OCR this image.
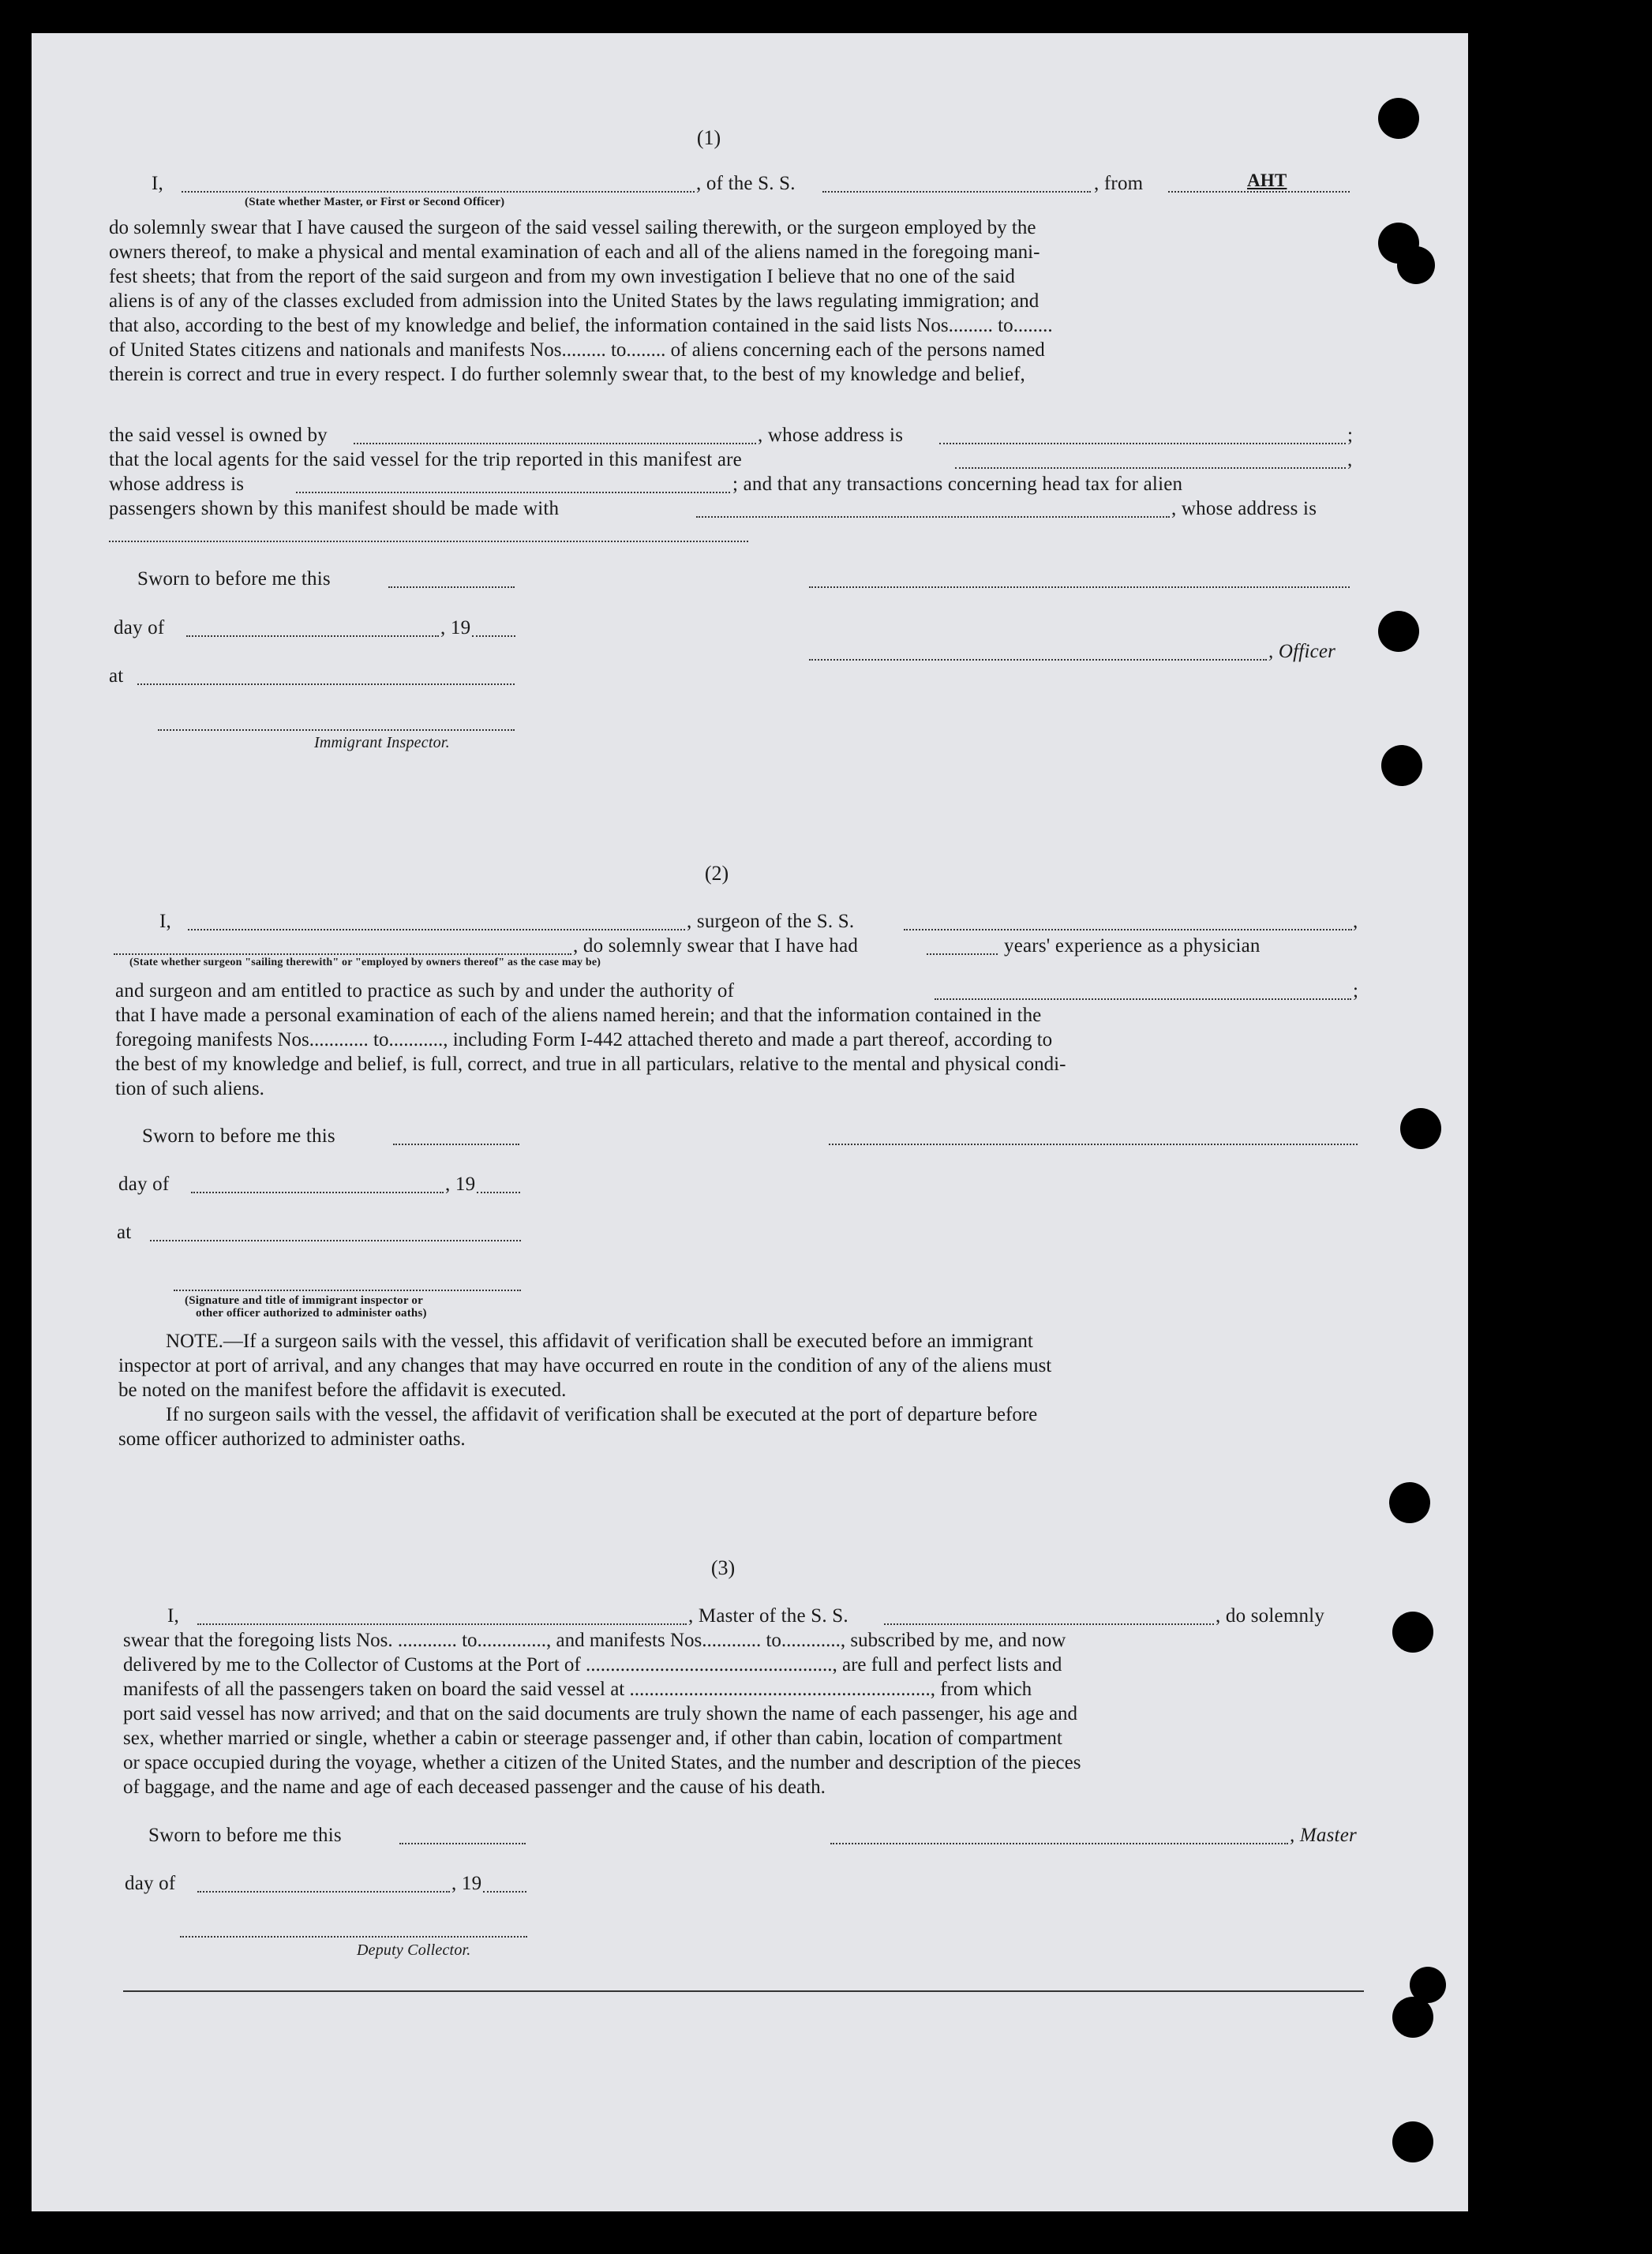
(1)
I,	, of the S. S.	, from	AHT
(State whether Master, or First or Second Officer)
do solemnly swear that I have caused the surgeon of the said vessel sailing therewith, or the surgeon employed by the
owners thereof, to make a physical and mental examination of each and all of the aliens named in the foregoing mani-
fest sheets; that from the report of the said surgeon and from my own investigation I believe that no one of the said
aliens is of any of the classes excluded from admission into the United States by the laws regulating immigration; and
that also, according to the best of my knowledge and belief, the information contained in the said lists Nos......... to........
of United States citizens and nationals and manifests Nos......... to........ of aliens concerning each of the persons named
therein is correct and true in every respect. I do further solemnly swear that, to the best of my knowledge and belief,
the said vessel is owned by	, whose address is	;
that the local agents for the said vessel for the trip reported in this manifest are	,
whose address is	; and that any transactions concerning head tax for alien
passengers shown by this manifest should be made with	, whose address is
Sworn to before me this
day of	, 19
, Officer
at
Immigrant Inspector.
(2)
I,	, surgeon of the S. S.	,
, do solemnly swear that I have had	years' experience as a physician
(State whether surgeon "sailing therewith" or "employed by owners thereof" as the case may be)
and surgeon and am entitled to practice as such by and under the authority of	;
that I have made a personal examination of each of the aliens named herein; and that the information contained in the
foregoing manifests Nos............ to..........., including Form I-442 attached thereto and made a part thereof, according to
the best of my knowledge and belief, is full, correct, and true in all particulars, relative to the mental and physical condi-
tion of such aliens.
Sworn to before me this
day of	, 19
at
(Signature and title of immigrant inspector or
other officer authorized to administer oaths)
NOTE.—If a surgeon sails with the vessel, this affidavit of verification shall be executed before an immigrant
inspector at port of arrival, and any changes that may have occurred en route in the condition of any of the aliens must
be noted on the manifest before the affidavit is executed.
If no surgeon sails with the vessel, the affidavit of verification shall be executed at the port of departure before
some officer authorized to administer oaths.
(3)
I,	, Master of the S. S.	, do solemnly
swear that the foregoing lists Nos. ............ to.............., and manifests Nos............ to............, subscribed by me, and now
delivered by me to the Collector of Customs at the Port of .................................................., are full and perfect lists and
manifests of all the passengers taken on board the said vessel at ............................................................., from which
port said vessel has now arrived; and that on the said documents are truly shown the name of each passenger, his age and
sex, whether married or single, whether a cabin or steerage passenger and, if other than cabin, location of compartment
or space occupied during the voyage, whether a citizen of the United States, and the number and description of the pieces
of baggage, and the name and age of each deceased passenger and the cause of his death.
Sworn to before me this	, Master
day of	, 19
Deputy Collector.
